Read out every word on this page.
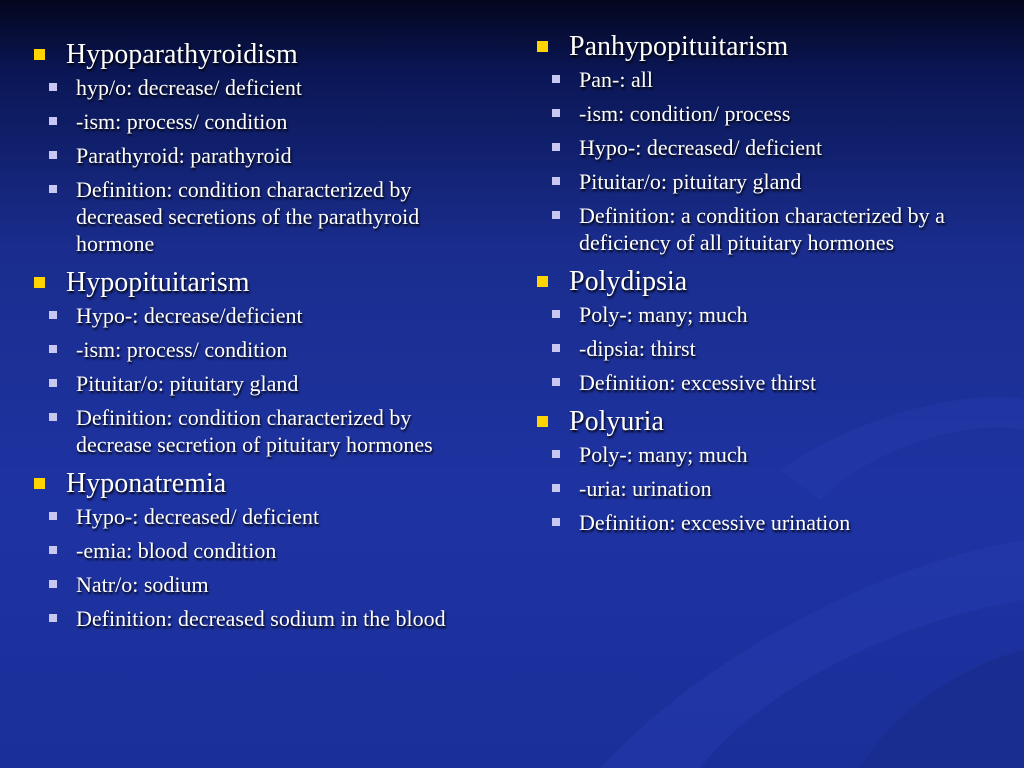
Hypoparathyroidism
hyp/o: decrease/ deficient
-ism: process/ condition
Parathyroid: parathyroid
Definition: condition characterized by decreased secretions of the parathyroid hormone
Hypopituitarism
Hypo-: decrease/deficient
-ism: process/ condition
Pituitar/o: pituitary gland
Definition: condition characterized by decrease secretion of pituitary hormones
Hyponatremia
Hypo-: decreased/ deficient
-emia: blood condition
Natr/o: sodium
Definition: decreased sodium in the blood
Panhypopituitarism
Pan-: all
-ism: condition/ process
Hypo-: decreased/ deficient
Pituitar/o: pituitary gland
Definition: a condition characterized by a deficiency of all pituitary hormones
Polydipsia
Poly-: many; much
-dipsia: thirst
Definition: excessive thirst
Polyuria
Poly-: many; much
-uria: urination
Definition: excessive urination
